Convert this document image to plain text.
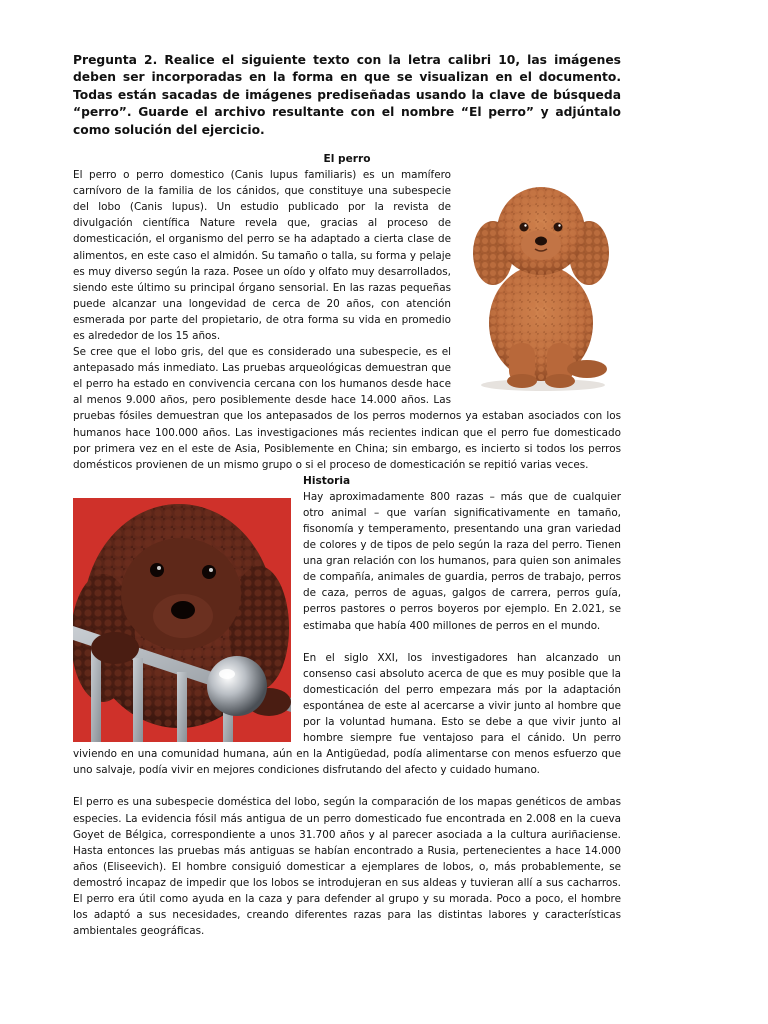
Pregunta 2. Realice el siguiente texto con la letra calibri 10, las imágenes deben ser incorporadas en la forma en que se visualizan en el documento. Todas están sacadas de imágenes prediseñadas usando la clave de búsqueda “perro”. Guarde el archivo resultante con el nombre “El perro” y adjúntalo como solución del ejercicio.

El perro

El perro o perro domestico (Canis lupus familiaris) es un mamífero carnívoro de la familia de los cánidos, que constituye una subespecie del lobo (Canis lupus). Un estudio publicado por la revista de divulgación científica Nature revela que, gracias al proceso de domesticación, el organismo del perro se ha adaptado a cierta clase de alimentos, en este caso el almidón. Su tamaño o talla, su forma y pelaje es muy diverso según la raza. Posee un oído y olfato muy desarrollados, siendo este último su principal órgano sensorial. En las razas pequeñas puede alcanzar una longevidad de cerca de 20 años, con atención esmerada por parte del propietario, de otra forma su vida en promedio es alrededor de los 15 años.

Se cree que el lobo gris, del que es considerado una subespecie, es el antepasado más inmediato. Las pruebas arqueológicas demuestran que el perro ha estado en convivencia cercana con los humanos desde hace al menos 9.000 años, pero posiblemente desde hace 14.000 años. Las pruebas fósiles demuestran que los antepasados de los perros modernos ya estaban asociados con los humanos hace 100.000 años. Las investigaciones más recientes indican que el perro fue domesticado por primera vez en el este de Asia, Posiblemente en China; sin embargo, es incierto si todos los perros domésticos provienen de un mismo grupo o si el proceso de domesticación se repitió varias veces.

Historia

Hay aproximadamente 800 razas – más que de cualquier otro animal – que varían significativamente en tamaño, fisonomía y temperamento, presentando una gran variedad de colores y de tipos de pelo según la raza del perro. Tienen una gran relación con los humanos, para quien son animales de compañía, animales de guardia, perros de trabajo, perros de caza, perros de aguas, galgos de carrera, perros guía, perros pastores o perros boyeros por ejemplo. En 2.021, se estimaba que había 400 millones de perros en el mundo.

En el siglo XXI, los investigadores han alcanzado un consenso casi absoluto acerca de que es muy posible que la domesticación del perro empezara más por la adaptación espontánea de este al acercarse a vivir junto al hombre que por la voluntad humana. Esto se debe a que vivir junto al hombre siempre fue ventajoso para el cánido. Un perro viviendo en una comunidad humana, aún en la Antigüedad, podía alimentarse con menos esfuerzo que uno salvaje, podía vivir en mejores condiciones disfrutando del afecto y cuidado humano.

El perro es una subespecie doméstica del lobo, según la comparación de los mapas genéticos de ambas especies. La evidencia fósil más antigua de un perro domesticado fue encontrada en 2.008 en la cueva Goyet de Bélgica, correspondiente a unos 31.700 años y al parecer asociada a la cultura auriñaciense. Hasta entonces las pruebas más antiguas se habían encontrado a Rusia, pertenecientes a hace 14.000 años (Eliseevich). El hombre consiguió domesticar a ejemplares de lobos, o, más probablemente, se demostró incapaz de impedir que los lobos se introdujeran en sus aldeas y tuvieran allí a sus cacharros. El perro era útil como ayuda en la caza y para defender al grupo y su morada. Poco a poco, el hombre los adaptó a sus necesidades, creando diferentes razas para las distintas labores y características ambientales geográficas.
